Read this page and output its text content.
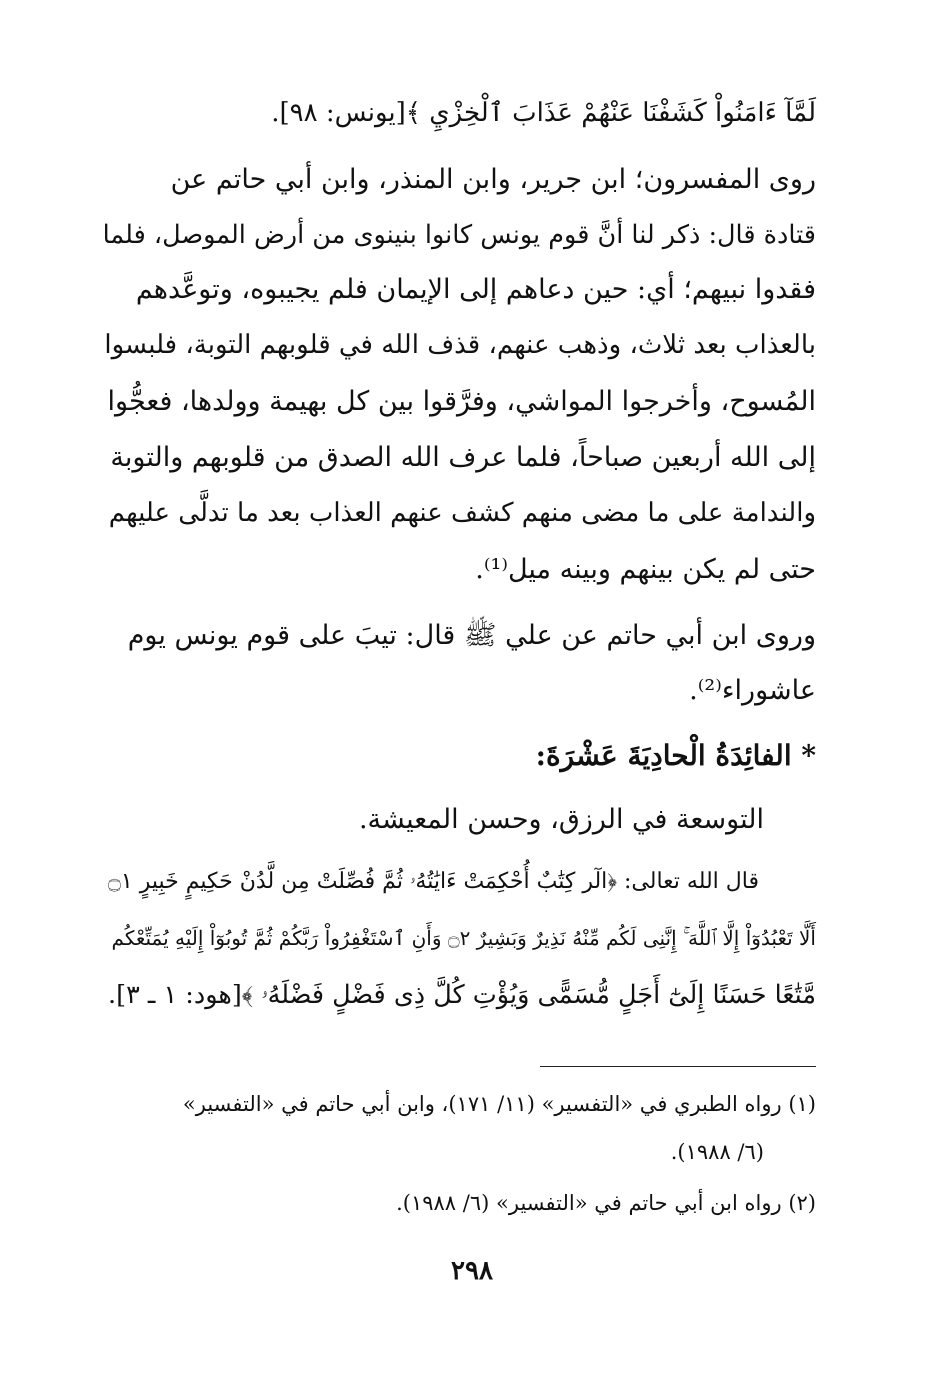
لَمَّآ ءَامَنُواْ كَشَفْنَا عَنْهُمْ عَذَابَ ٱلْخِزْيِ ﴾[يونس: ٩٨].
روى المفسرون؛ ابن جرير، وابن المنذر، وابن أبي حاتم عن
قتادة قال: ذكر لنا أنَّ قوم يونس كانوا بنينوى من أرض الموصل، فلما
فقدوا نبيهم؛ أي: حين دعاهم إلى الإيمان فلم يجيبوه، وتوعَّدهم
بالعذاب بعد ثلاث، وذهب عنهم، قذف الله في قلوبهم التوبة، فلبسوا
المُسوح، وأخرجوا المواشي، وفرَّقوا بين كل بهيمة وولدها، فعجُّوا
إلى الله أربعين صباحاً، فلما عرف الله الصدق من قلوبهم والتوبة
والندامة على ما مضى منهم كشف عنهم العذاب بعد ما تدلَّى عليهم
حتى لم يكن بينهم وبينه ميل⁽¹⁾.
وروى ابن أبي حاتم عن علي ﷺ قال: تيبَ على قوم يونس يوم
عاشوراء⁽²⁾.
* الفائِدَةُ الْحادِيَةَ عَشْرَةَ:
التوسعة في الرزق، وحسن المعيشة.
قال الله تعالى: ﴿الٓر كِتَٰبٌ أُحْكِمَتْ ءَايَٰتُهُۥ ثُمَّ فُصِّلَتْ مِن لَّدُنْ حَكِيمٍ خَبِيرٍ ۝١
أَلَّا تَعْبُدُوٓاْ إِلَّا ٱللَّهَ ۚ إِنَّنِى لَكُم مِّنْهُ نَذِيرٌ وَبَشِيرٌ ۝٢ وَأَنِ ٱسْتَغْفِرُواْ رَبَّكُمْ ثُمَّ تُوبُوٓاْ إِلَيْهِ يُمَتِّعْكُم
مَّتَٰعًا حَسَنًا إِلَىٰٓ أَجَلٍ مُّسَمًّى وَيُؤْتِ كُلَّ ذِى فَضْلٍ فَضْلَهُۥ ﴾[هود: ١ ـ ٣].
(١) رواه الطبري في «التفسير» (١١/ ١٧١)، وابن أبي حاتم في «التفسير»
(٦/ ١٩٨٨).
(٢) رواه ابن أبي حاتم في «التفسير» (٦/ ١٩٨٨).
٢٩٨
